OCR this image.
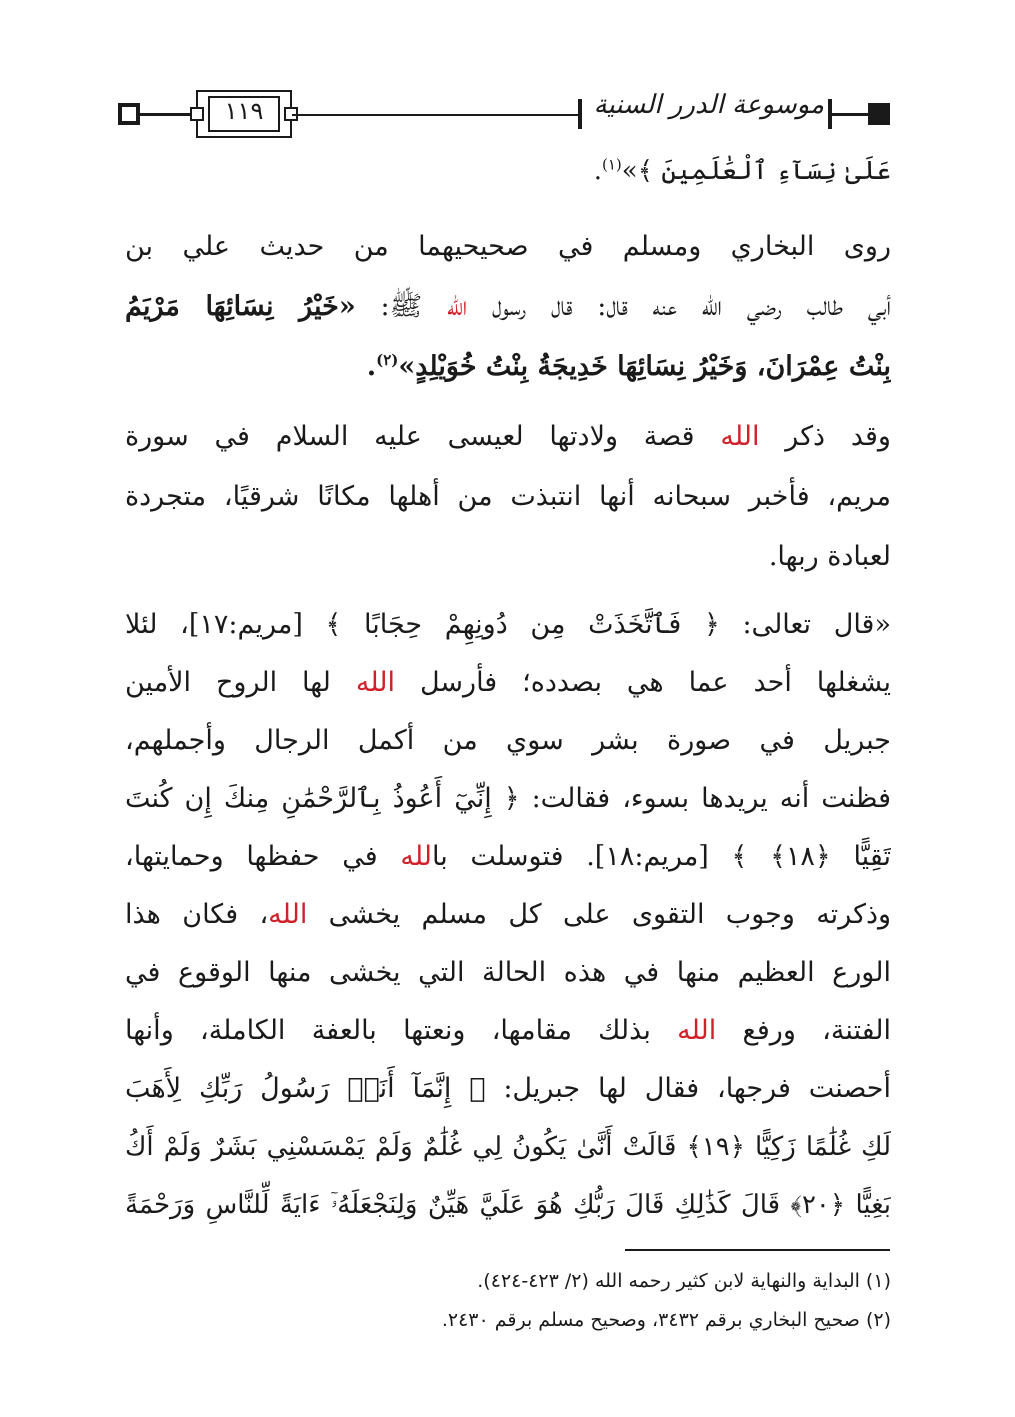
١١٩	موسوعة الدرر السنية
عَلَىٰ نِسَآءِ ٱلْعَٰلَمِينَ ﴾»$^{(١)}$.
روى البخاري ومسلم في صحيحيهما من حديث علي بن
أبي طالب رضي الله عنه قال: قال رسول الله ﷺ: «خَيْرُ نِسَائِهَا مَرْيَمُ
بِنْتُ عِمْرَانَ، وَخَيْرُ نِسَائِهَا خَدِيجَةُ بِنْتُ خُوَيْلِدٍ»$^{(٢)}$.
وقد ذكر الله قصة ولادتها لعيسى عليه السلام في سورة
مريم، فأخبر سبحانه أنها انتبذت من أهلها مكانًا شرقيًا، متجردة
لعبادة ربها.
«قال تعالى: ﴿ فَٱتَّخَذَتْ مِن دُونِهِمْ حِجَابًا ﴾ [مريم:١٧]، لئلا
يشغلها أحد عما هي بصدده؛ فأرسل الله لها الروح الأمين
جبريل في صورة بشر سوي من أكمل الرجال وأجملهم،
فظنت أنه يريدها بسوء، فقالت: ﴿ إِنِّيٓ أَعُوذُ بِٱلرَّحْمَٰنِ مِنكَ إِن كُنتَ
تَقِيًّا ﴿١٨﴾ ﴾ [مريم:١٨]. فتوسلت بالله في حفظها وحمايتها،
وذكرته وجوب التقوى على كل مسلم يخشى الله، فكان هذا
الورع العظيم منها في هذه الحالة التي يخشى منها الوقوع في
الفتنة، ورفع الله بذلك مقامها، ونعتها بالعفة الكاملة، وأنها
أحصنت فرجها، فقال لها جبريل: ﴿ إِنَّمَآ أَنَا۠ رَسُولُ رَبِّكِ لِأَهَبَ
لَكِ غُلَٰمًا زَكِيًّا ﴿١٩﴾ قَالَتْ أَنَّىٰ يَكُونُ لِي غُلَٰمٌ وَلَمْ يَمْسَسْنِي بَشَرٌ وَلَمْ أَكُ
بَغِيًّا ﴿٢٠﴾ قَالَ كَذَٰلِكِ قَالَ رَبُّكِ هُوَ عَلَيَّ هَيِّنٌ وَلِنَجْعَلَهُۥٓ ءَايَةً لِّلنَّاسِ وَرَحْمَةً
(١) البداية والنهاية لابن كثير رحمه الله (٢/ ٤٢٣-٤٢٤).
(٢) صحيح البخاري برقم ٣٤٣٢، وصحيح مسلم برقم ٢٤٣٠.
